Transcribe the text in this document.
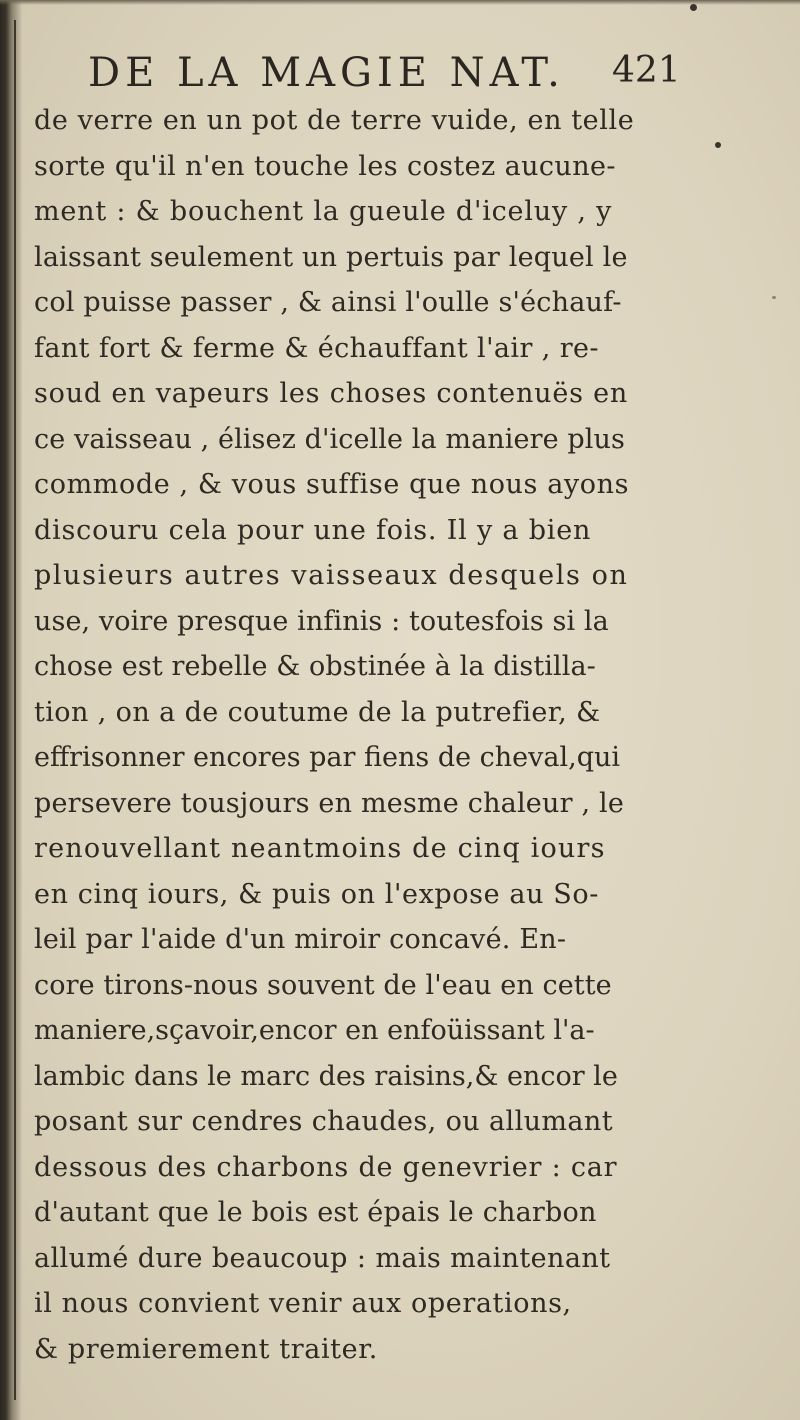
DE LA MAGIE NAT. 421
de verre en un pot de terre vuide, en telle
sorte qu'il n'en touche les costez aucune-
ment : & bouchent la gueule d'iceluy , y
laissant seulement un pertuis par lequel le
col puisse passer , & ainsi l'oulle s'échauf-
fant fort & ferme & échauffant l'air , re-
soud en vapeurs les choses contenuës en
ce vaisseau , élisez d'icelle la maniere plus
commode , & vous suffise que nous ayons
discouru cela pour une fois. Il y a bien
plusieurs autres vaisseaux desquels on
use, voire presque infinis : toutesfois si la
chose est rebelle & obstinée à la distilla-
tion , on a de coutume de la putrefier, &
effrisonner encores par fiens de cheval,qui
persevere tousjours en mesme chaleur , le
renouvellant neantmoins de cinq iours
en cinq iours, & puis on l'expose au So-
leil par l'aide d'un miroir concavé. En-
core tirons-nous souvent de l'eau en cette
maniere,sçavoir,encor en enfoüissant l'a-
lambic dans le marc des raisins,& encor le
posant sur cendres chaudes, ou allumant
dessous des charbons de genevrier : car
d'autant que le bois est épais le charbon
allumé dure beaucoup : mais maintenant
il nous convient venir aux operations,
& premierement traiter.
